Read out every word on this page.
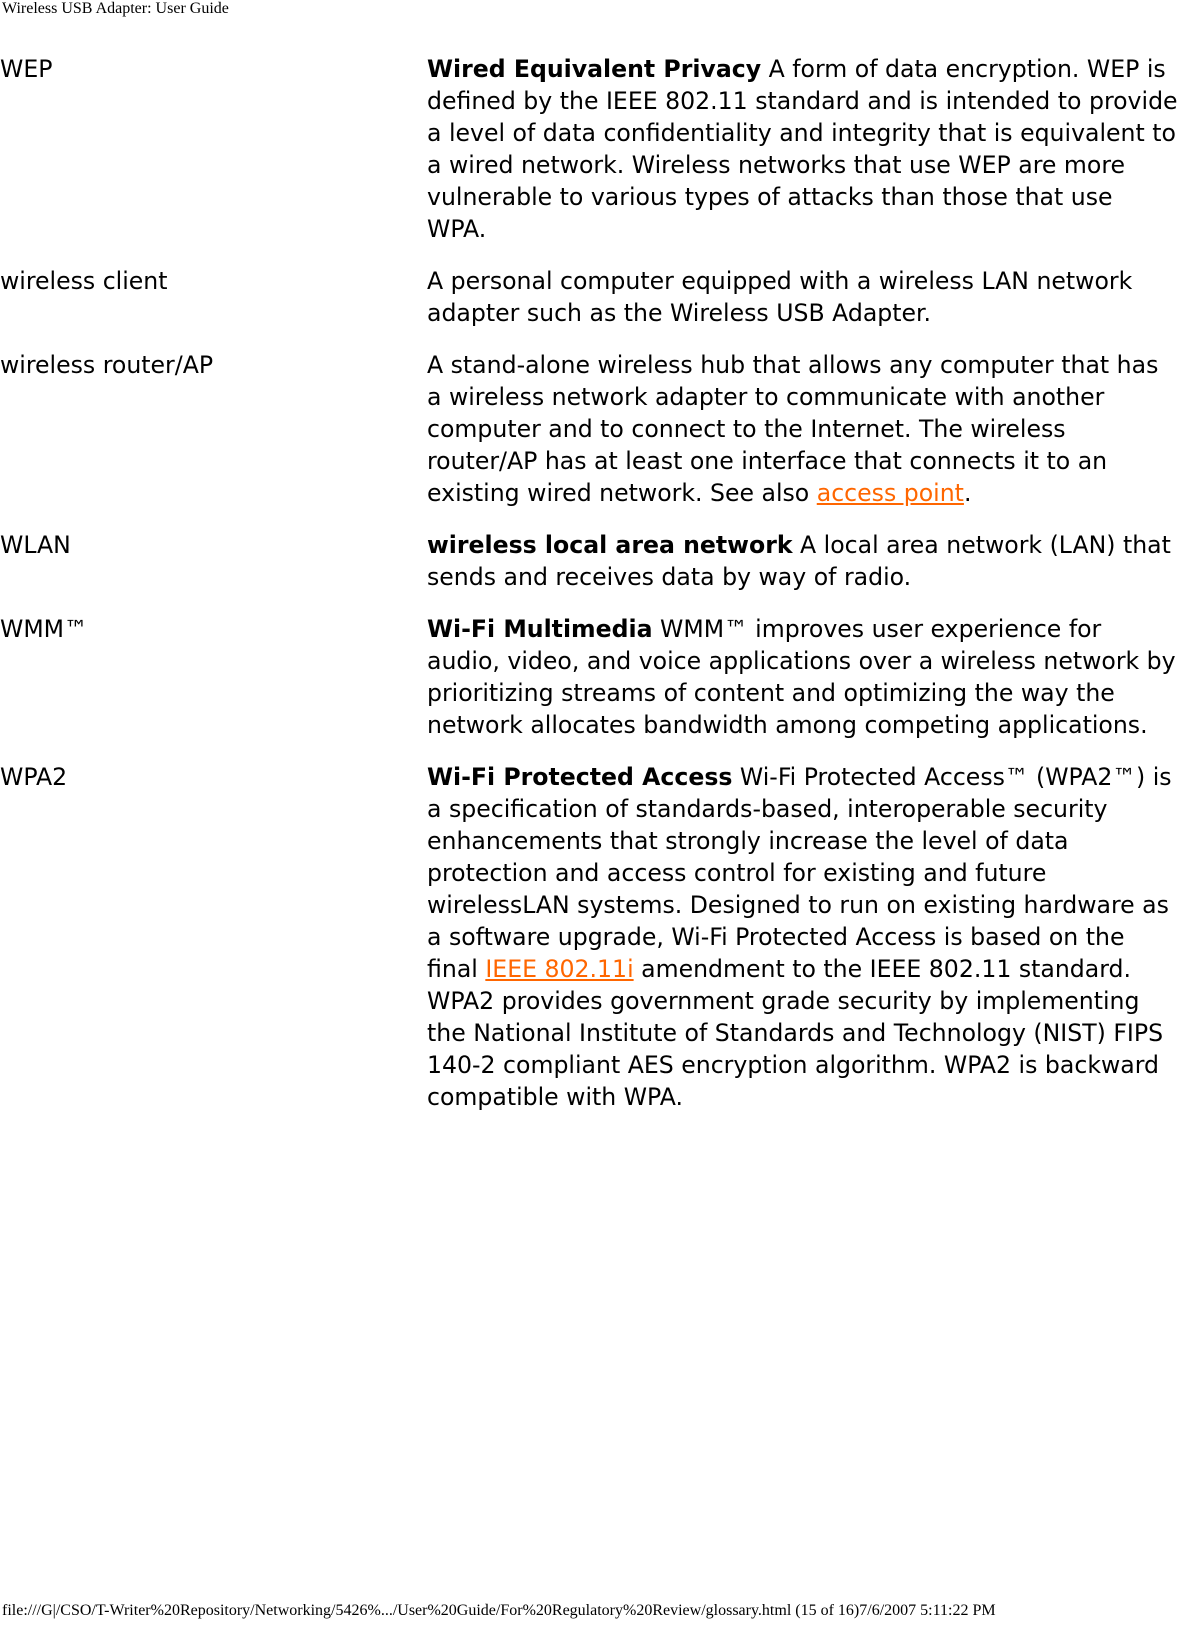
Wireless USB Adapter: User Guide
WEP	Wired Equivalent Privacy A form of data encryption. WEP is defined by the IEEE 802.11 standard and is intended to provide a level of data confidentiality and integrity that is equivalent to a wired network. Wireless networks that use WEP are more vulnerable to various types of attacks than those that use WPA.
wireless client	A personal computer equipped with a wireless LAN network adapter such as the Wireless USB Adapter.
wireless router/AP	A stand-alone wireless hub that allows any computer that has a wireless network adapter to communicate with another computer and to connect to the Internet. The wireless router/AP has at least one interface that connects it to an existing wired network. See also access point.
WLAN	wireless local area network A local area network (LAN) that sends and receives data by way of radio.
WMM™	Wi-Fi Multimedia WMM™ improves user experience for audio, video, and voice applications over a wireless network by prioritizing streams of content and optimizing the way the network allocates bandwidth among competing applications.
WPA2	Wi-Fi Protected Access Wi-Fi Protected Access™ (WPA2™) is a specification of standards-based, interoperable security enhancements that strongly increase the level of data protection and access control for existing and future wirelessLAN systems. Designed to run on existing hardware as a software upgrade, Wi-Fi Protected Access is based on the final IEEE 802.11i amendment to the IEEE 802.11 standard. WPA2 provides government grade security by implementing the National Institute of Standards and Technology (NIST) FIPS 140-2 compliant AES encryption algorithm. WPA2 is backward compatible with WPA.
file:///G|/CSO/T-Writer%20Repository/Networking/5426%.../User%20Guide/For%20Regulatory%20Review/glossary.html (15 of 16)7/6/2007 5:11:22 PM
